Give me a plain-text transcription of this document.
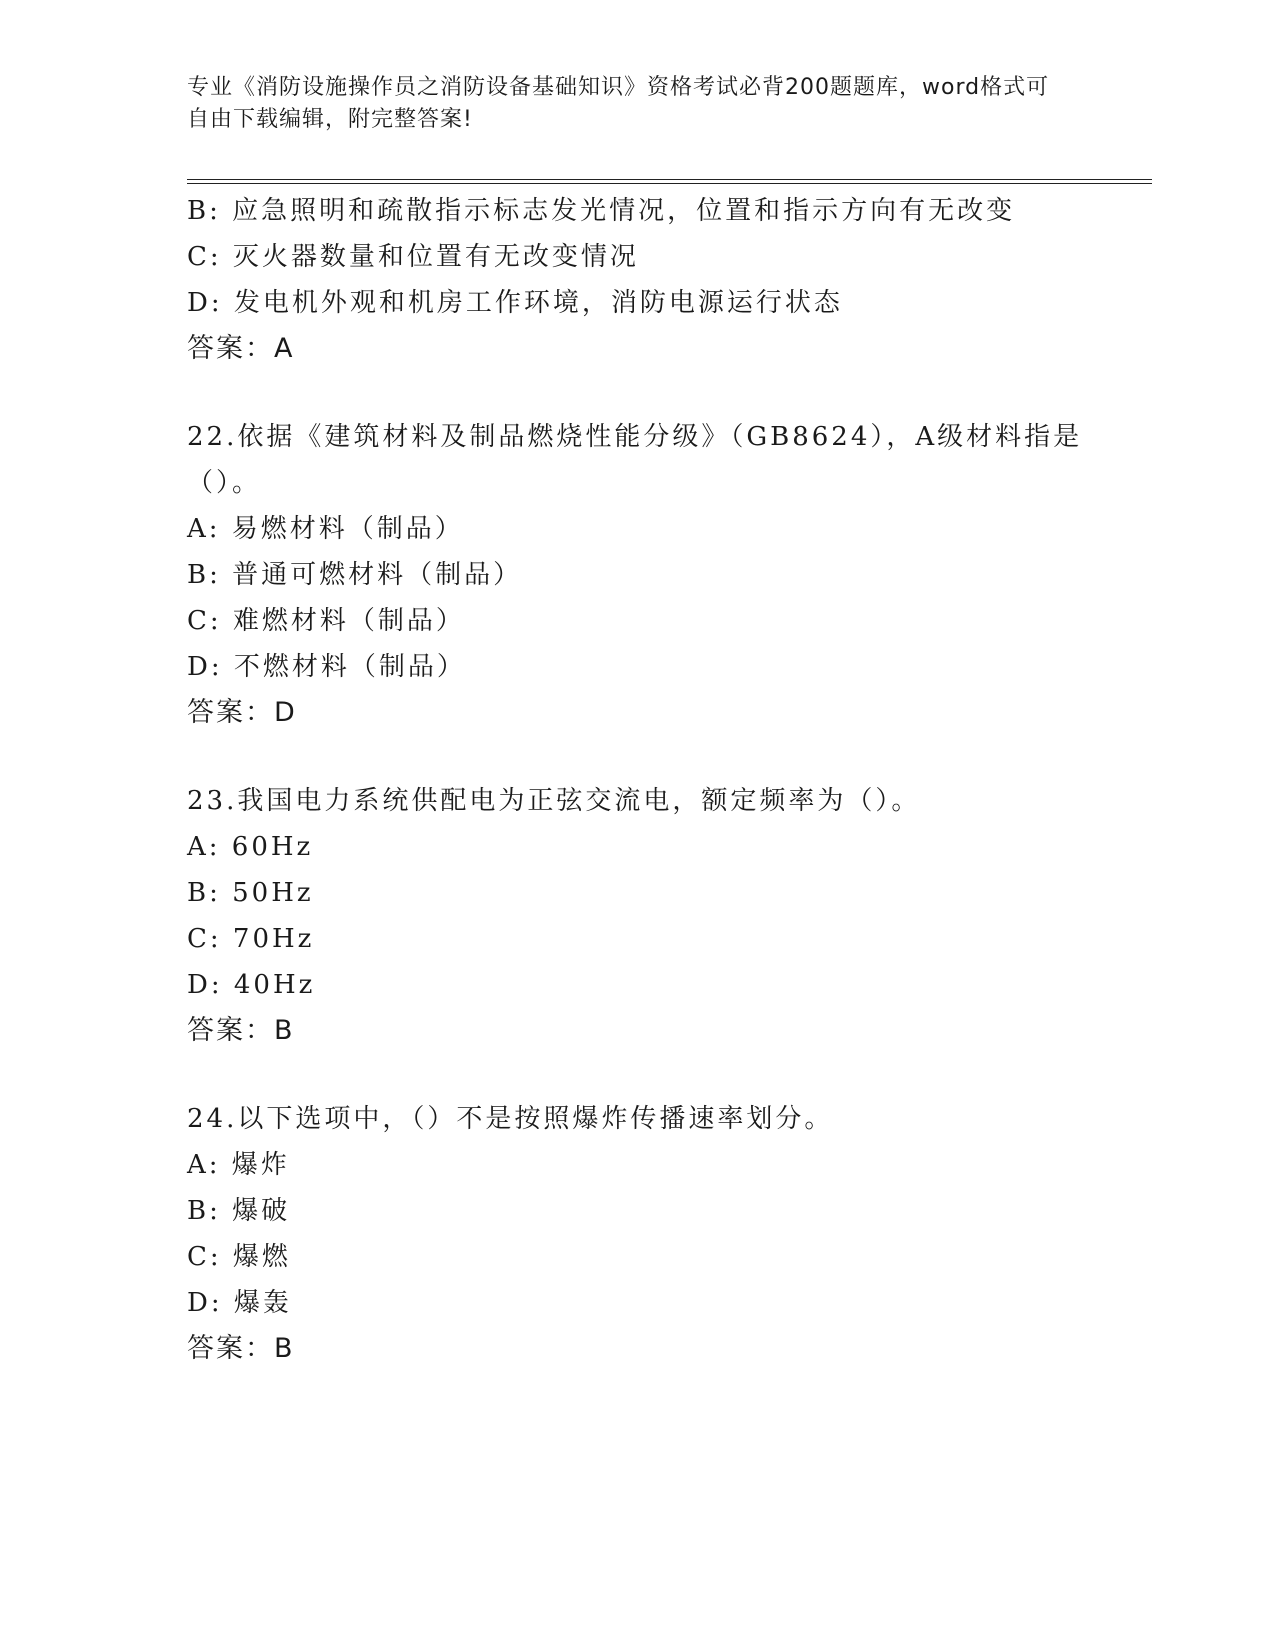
专业《消防设施操作员之消防设备基础知识》资格考试必背200题题库，word格式可自由下载编辑，附完整答案!
B: 应急照明和疏散指示标志发光情况，位置和指示方向有无改变
C: 灭火器数量和位置有无改变情况
D: 发电机外观和机房工作环境，消防电源运行状态
答案：A
22.依据《建筑材料及制品燃烧性能分级》（GB8624），A级材料指是（）。
A: 易燃材料（制品）
B: 普通可燃材料（制品）
C: 难燃材料（制品）
D: 不燃材料（制品）
答案：D
23.我国电力系统供配电为正弦交流电，额定频率为（）。
A: 60Hz
B: 50Hz
C: 70Hz
D: 40Hz
答案：B
24.以下选项中，（）不是按照爆炸传播速率划分。
A: 爆炸
B: 爆破
C: 爆燃
D: 爆轰
答案：B
